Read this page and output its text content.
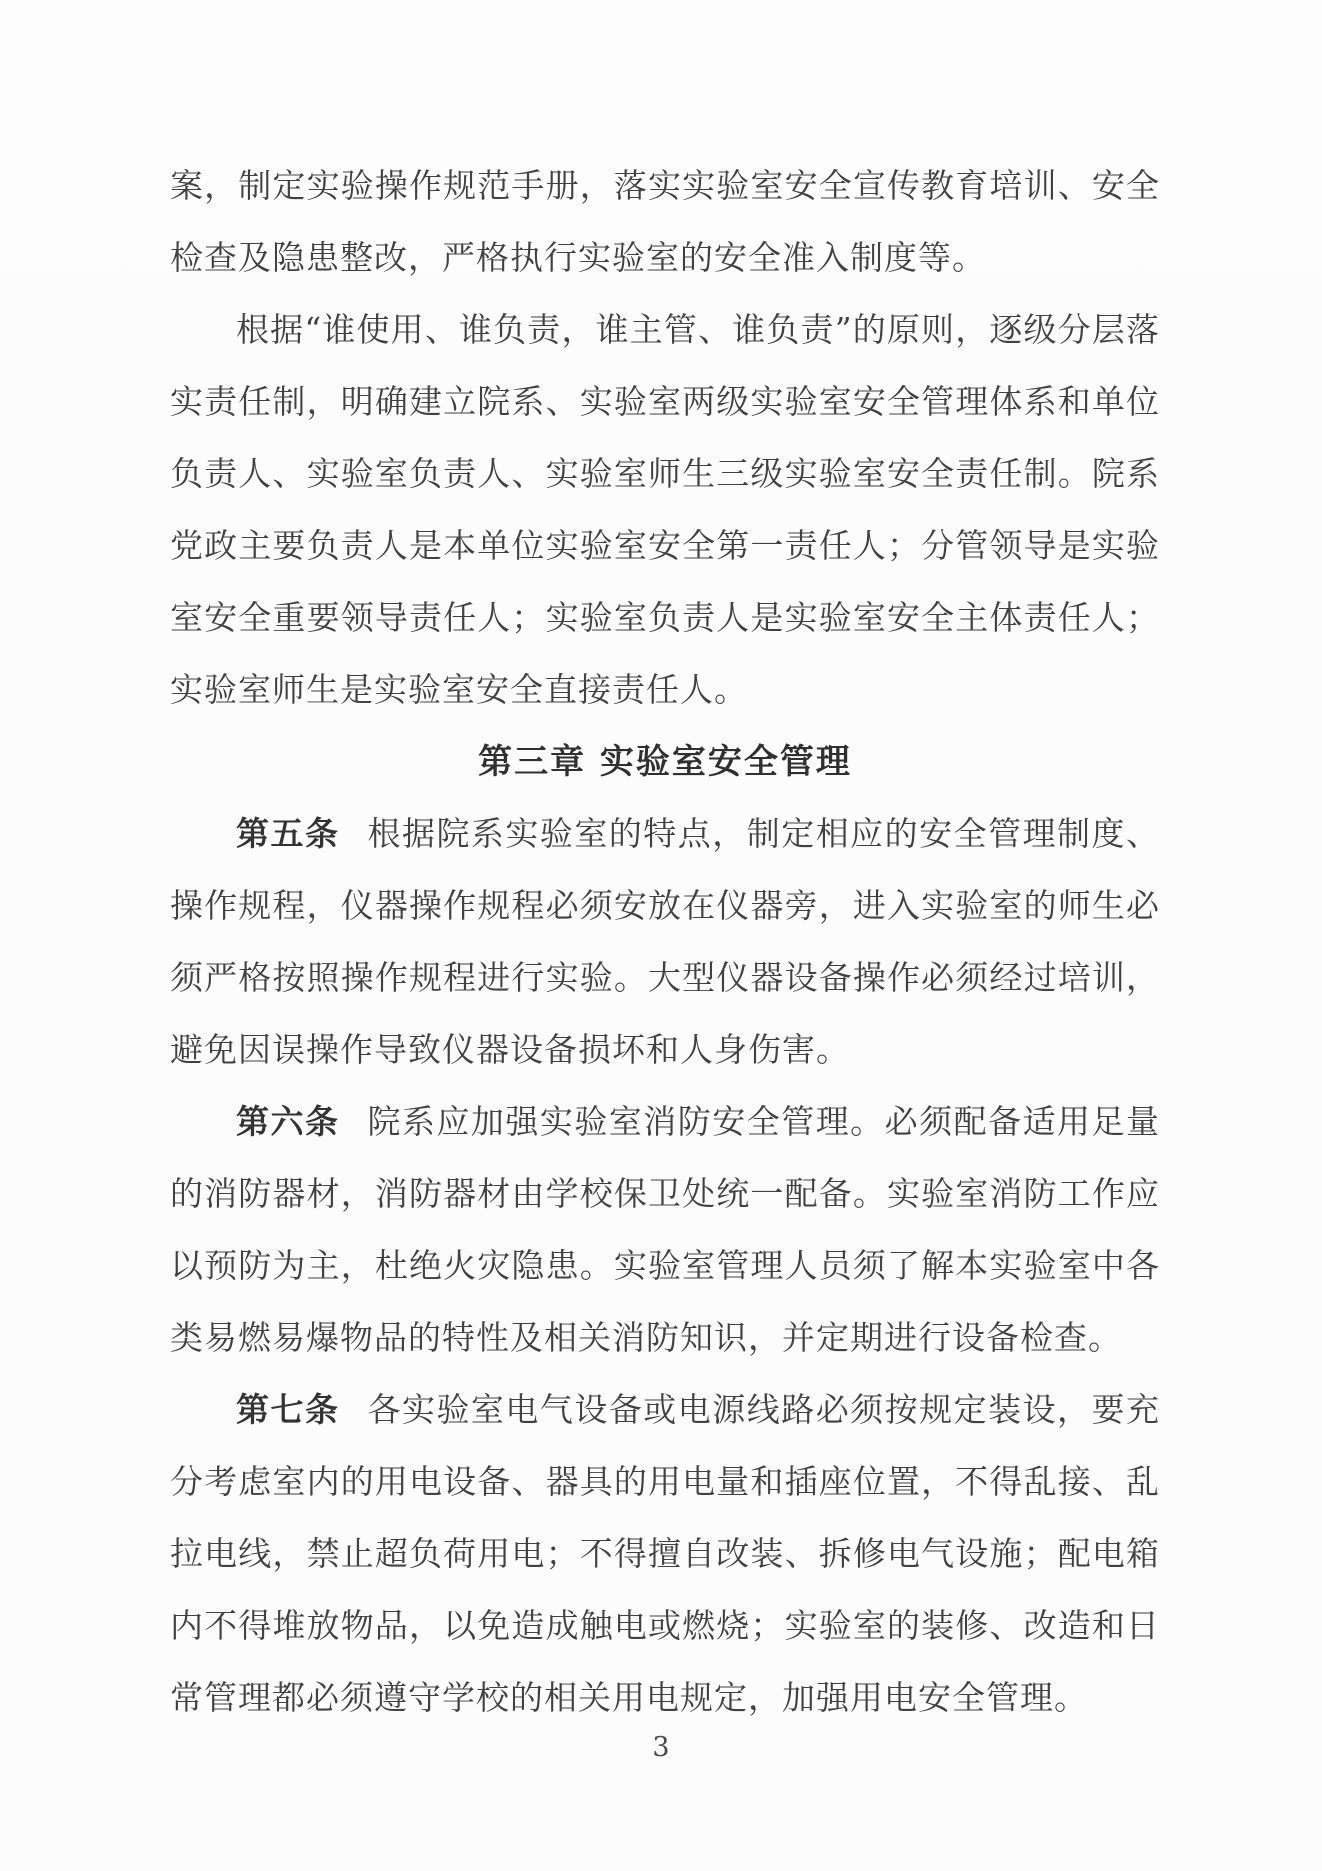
案，制定实验操作规范手册，落实实验室安全宣传教育培训、安全检查及隐患整改，严格执行实验室的安全准入制度等。

根据“谁使用、谁负责，谁主管、谁负责”的原则，逐级分层落实责任制，明确建立院系、实验室两级实验室安全管理体系和单位负责人、实验室负责人、实验室师生三级实验室安全责任制。院系党政主要负责人是本单位实验室安全第一责任人；分管领导是实验室安全重要领导责任人；实验室负责人是实验室安全主体责任人；实验室师生是实验室安全直接责任人。

第三章 实验室安全管理

第五条 根据院系实验室的特点，制定相应的安全管理制度、操作规程，仪器操作规程必须安放在仪器旁，进入实验室的师生必须严格按照操作规程进行实验。大型仪器设备操作必须经过培训，避免因误操作导致仪器设备损坏和人身伤害。

第六条 院系应加强实验室消防安全管理。必须配备适用足量的消防器材，消防器材由学校保卫处统一配备。实验室消防工作应以预防为主，杜绝火灾隐患。实验室管理人员须了解本实验室中各类易燃易爆物品的特性及相关消防知识，并定期进行设备检查。

第七条 各实验室电气设备或电源线路必须按规定装设，要充分考虑室内的用电设备、器具的用电量和插座位置，不得乱接、乱拉电线，禁止超负荷用电；不得擅自改装、拆修电气设施；配电箱内不得堆放物品，以免造成触电或燃烧；实验室的装修、改造和日常管理都必须遵守学校的相关用电规定，加强用电安全管理。

3
